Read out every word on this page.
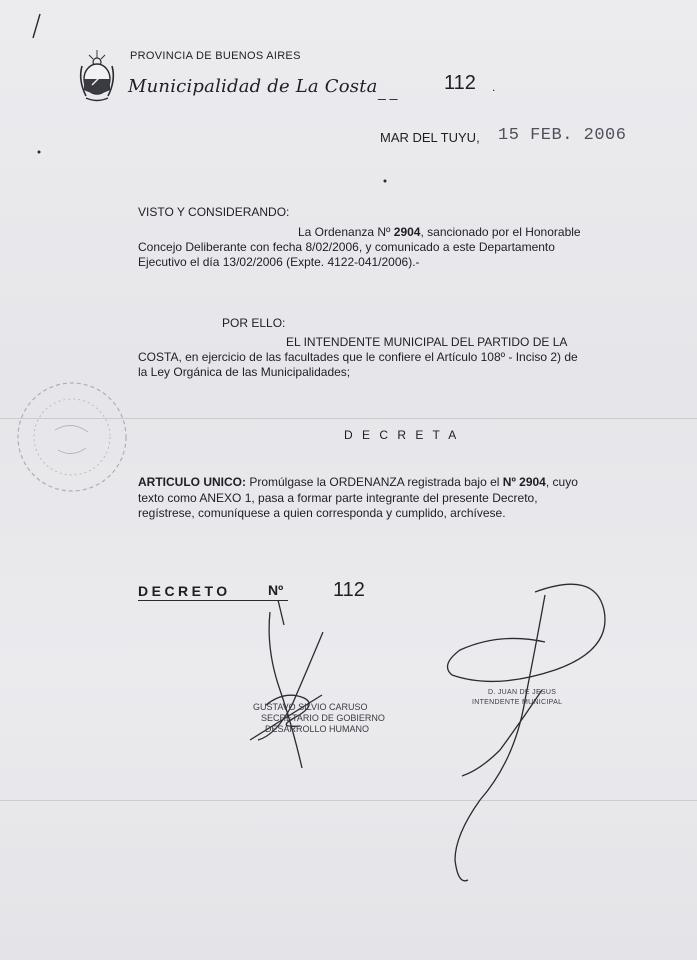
PROVINCIA DE BUENOS AIRES
Municipalidad de La Costa _ _ 112 .
MAR DEL TUYU, 15 FEB. 2006
VISTO Y CONSIDERANDO:
La Ordenanza Nº 2904, sancionado por el Honorable
Concejo Deliberante con fecha 8/02/2006, y comunicado a este Departamento
Ejecutivo el día 13/02/2006 (Expte. 4122-041/2006).-
POR ELLO:
EL INTENDENTE MUNICIPAL DEL PARTIDO DE LA
COSTA, en ejercicio de las facultades que le confiere el Artículo 108º - Inciso 2) de
la Ley Orgánica de las Municipalidades;
D E C R E T A
ARTICULO UNICO: Promúlgase la ORDENANZA registrada bajo el Nº 2904, cuyo
texto como ANEXO 1, pasa a formar parte integrante del presente Decreto,
regístrese, comuníquese a quien corresponda y cumplido, archívese.
DECRETO	Nº 112
GUSTAVO SILVIO CARUSO
SECRETARIO DE GOBIERNO
DESARROLLO HUMANO
D. JUAN DE JESUS
INTENDENTE MUNICIPAL
